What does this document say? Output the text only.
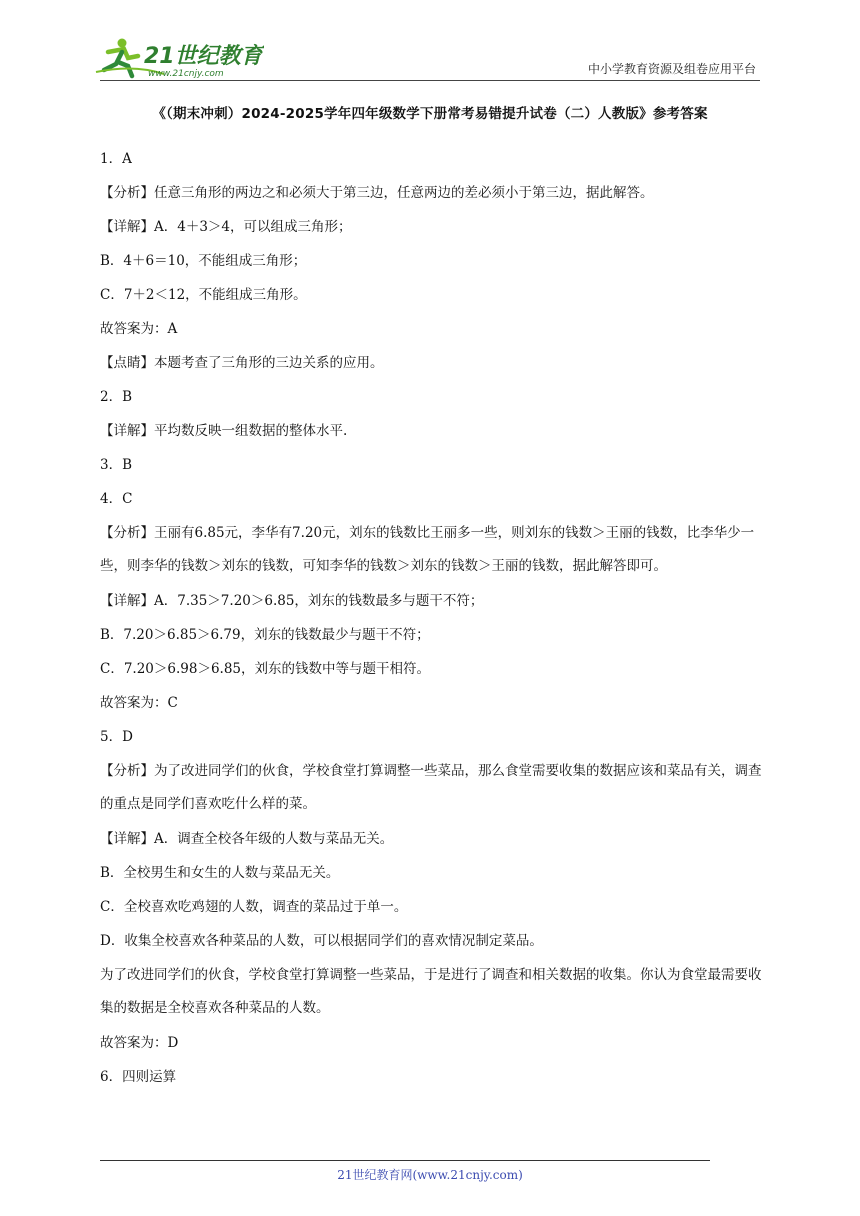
21世纪教育
www.21cnjy.com	中小学教育资源及组卷应用平台
《（期末冲刺）2024-2025学年四年级数学下册常考易错提升试卷（二）人教版》参考答案
1．A
【分析】任意三角形的两边之和必须大于第三边，任意两边的差必须小于第三边，据此解答。
【详解】A．4＋3＞4，可以组成三角形；
B．4＋6＝10，不能组成三角形；
C．7＋2＜12，不能组成三角形。
故答案为：A
【点睛】本题考查了三角形的三边关系的应用。
2．B
【详解】平均数反映一组数据的整体水平.
3．B
4．C
【分析】王丽有6.85元，李华有7.20元，刘东的钱数比王丽多一些，则刘东的钱数＞王丽的钱数，比李华少一些，则李华的钱数＞刘东的钱数，可知李华的钱数＞刘东的钱数＞王丽的钱数，据此解答即可。
【详解】A．7.35＞7.20＞6.85，刘东的钱数最多与题干不符；
B．7.20＞6.85＞6.79，刘东的钱数最少与题干不符；
C．7.20＞6.98＞6.85，刘东的钱数中等与题干相符。
故答案为：C
5．D
【分析】为了改进同学们的伙食，学校食堂打算调整一些菜品，那么食堂需要收集的数据应该和菜品有关，调查的重点是同学们喜欢吃什么样的菜。
【详解】A．调查全校各年级的人数与菜品无关。
B．全校男生和女生的人数与菜品无关。
C．全校喜欢吃鸡翅的人数，调查的菜品过于单一。
D．收集全校喜欢各种菜品的人数，可以根据同学们的喜欢情况制定菜品。
为了改进同学们的伙食，学校食堂打算调整一些菜品，于是进行了调查和相关数据的收集。你认为食堂最需要收集的数据是全校喜欢各种菜品的人数。
故答案为：D
6．四则运算
21世纪教育网(www.21cnjy.com)
